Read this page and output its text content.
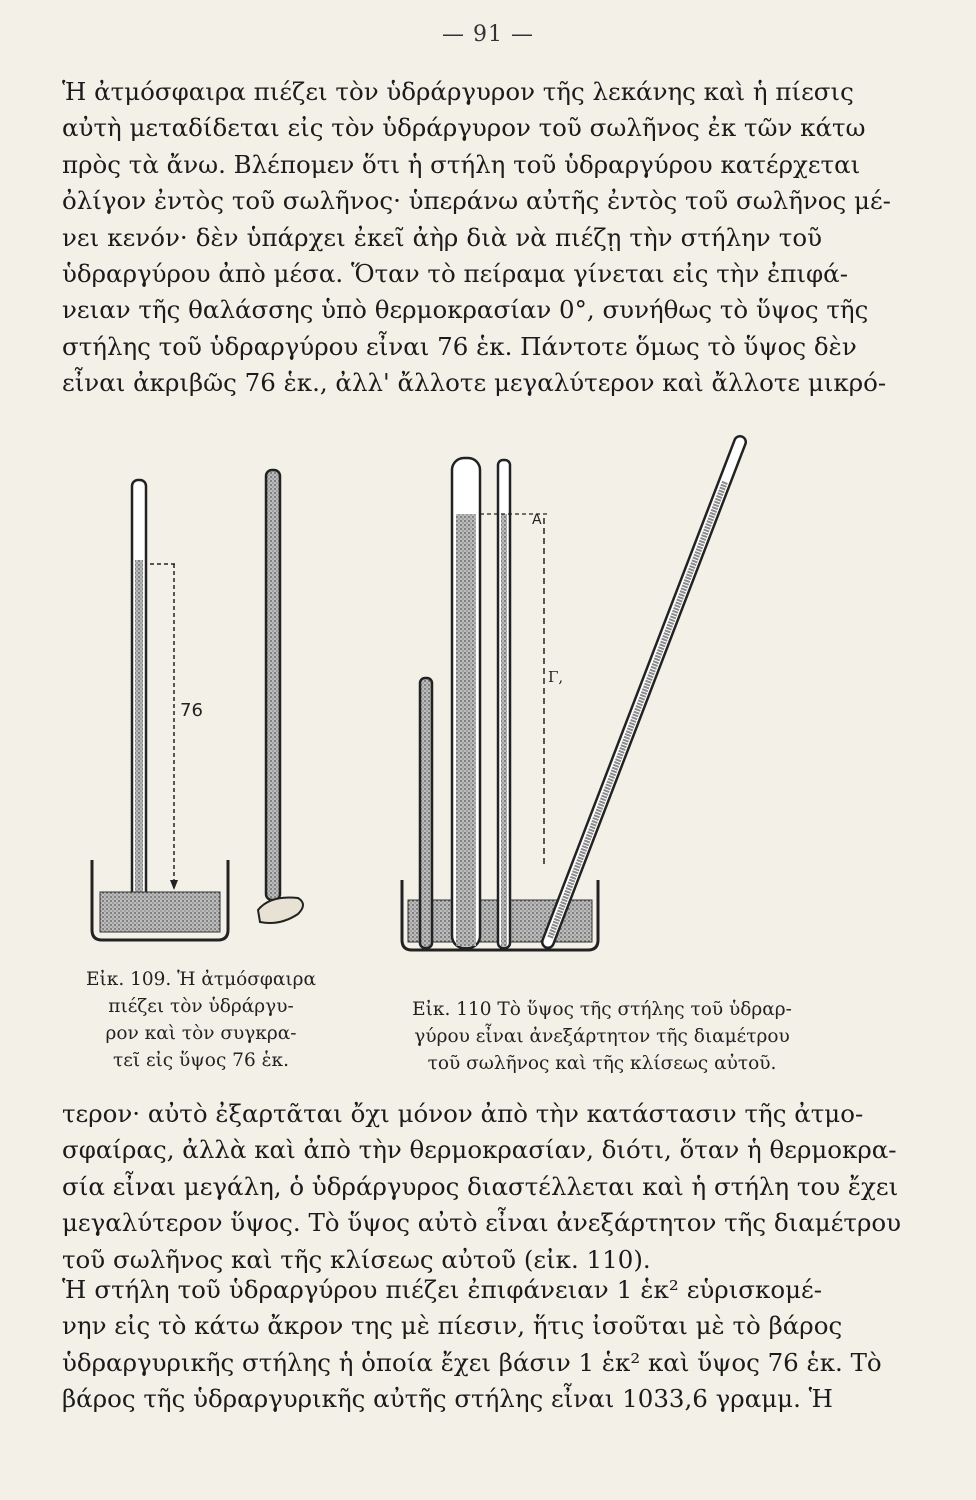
— 91 —
Ἡ ἀτμόσφαιρα πιέζει τὸν ὑδράργυρον τῆς λεκάνης καὶ ἡ πίεσις
αὐτὴ μεταδίδεται εἰς τὸν ὑδράργυρον τοῦ σωλῆνος ἐκ τῶν κάτω
πρὸς τὰ ἄνω. Βλέπομεν ὅτι ἡ στήλη τοῦ ὑδραργύρου κατέρχεται
ὀλίγον ἐντὸς τοῦ σωλῆνος· ὑπεράνω αὐτῆς ἐντὸς τοῦ σωλῆνος μέ-
νει κενόν· δὲν ὑπάρχει ἐκεῖ ἀὴρ διὰ νὰ πιέζῃ τὴν στήλην τοῦ
ὑδραργύρου ἀπὸ μέσα. Ὅταν τὸ πείραμα γίνεται εἰς τὴν ἐπιφά-
νειαν τῆς θαλάσσης ὑπὸ θερμοκρασίαν 0°, συνήθως τὸ ὕψος τῆς
στήλης τοῦ ὑδραργύρου εἶναι 76 ἑκ. Πάντοτε ὅμως τὸ ὕψος δὲν
εἶναι ἀκριβῶς 76 ἑκ., ἀλλ' ἄλλοτε μεγαλύτερον καὶ ἄλλοτε μικρό-
76
Εἰκ. 109. Ἡ ἀτμόσφαιρα
πιέζει τὸν ὑδράργυ-
ρον καὶ τὸν συγκρα-
τεῖ εἰς ὕψος 76 ἑκ.
A
Γ,
Εἰκ. 110 Τὸ ὕψος τῆς στήλης τοῦ ὑδραρ-
γύρου εἶναι ἀνεξάρτητον τῆς διαμέτρου
τοῦ σωλῆνος καὶ τῆς κλίσεως αὐτοῦ.
τερον· αὐτὸ ἐξαρτᾶται ὄχι μόνον ἀπὸ τὴν κατάστασιν τῆς ἀτμο-
σφαίρας, ἀλλὰ καὶ ἀπὸ τὴν θερμοκρασίαν, διότι, ὅταν ἡ θερμοκρα-
σία εἶναι μεγάλη, ὁ ὑδράργυρος διαστέλλεται καὶ ἡ στήλη του ἔχει
μεγαλύτερον ὕψος. Τὸ ὕψος αὐτὸ εἶναι ἀνεξάρτητον τῆς διαμέτρου
τοῦ σωλῆνος καὶ τῆς κλίσεως αὐτοῦ (εἰκ. 110).
Ἡ στήλη τοῦ ὑδραργύρου πιέζει ἐπιφάνειαν 1 ἑκ² εὑρισκομέ-
νην εἰς τὸ κάτω ἄκρον της μὲ πίεσιν, ἥτις ἰσοῦται μὲ τὸ βάρος
ὑδραργυρικῆς στήλης ἡ ὁποία ἔχει βάσιν 1 ἑκ² καὶ ὕψος 76 ἑκ. Τὸ
βάρος τῆς ὑδραργυρικῆς αὐτῆς στήλης εἶναι 1033,6 γραμμ. Ἡ
